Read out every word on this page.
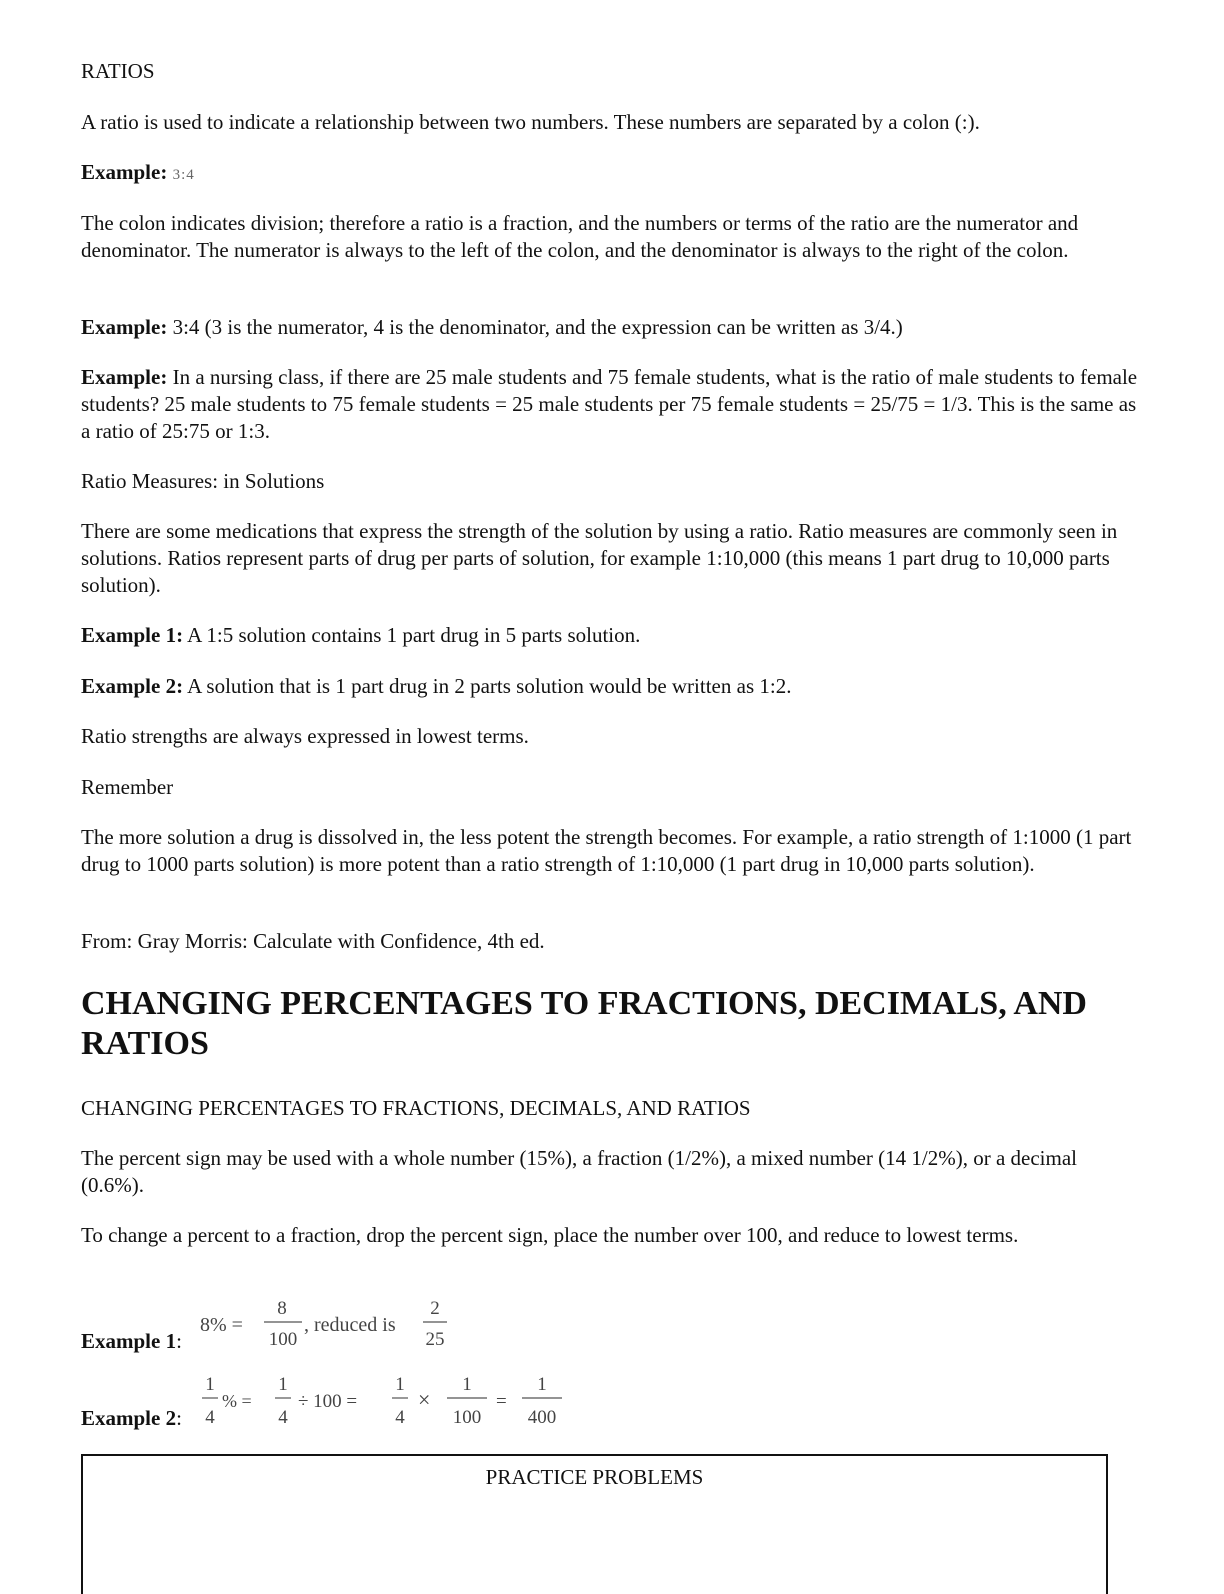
RATIOS

A ratio is used to indicate a relationship between two numbers. These numbers are separated by a colon (:).

Example: 3:4

The colon indicates division; therefore a ratio is a fraction, and the numbers or terms of the ratio are the numerator and denominator. The numerator is always to the left of the colon, and the denominator is always to the right of the colon.

Example: 3:4 (3 is the numerator, 4 is the denominator, and the expression can be written as 3/4.)

Example: In a nursing class, if there are 25 male students and 75 female students, what is the ratio of male students to female students? 25 male students to 75 female students = 25 male students per 75 female students = 25/75 = 1/3. This is the same as a ratio of 25:75 or 1:3.

Ratio Measures: in Solutions

There are some medications that express the strength of the solution by using a ratio. Ratio measures are commonly seen in solutions. Ratios represent parts of drug per parts of solution, for example 1:10,000 (this means 1 part drug to 10,000 parts solution).

Example 1: A 1:5 solution contains 1 part drug in 5 parts solution.

Example 2: A solution that is 1 part drug in 2 parts solution would be written as 1:2.

Ratio strengths are always expressed in lowest terms.

Remember

The more solution a drug is dissolved in, the less potent the strength becomes. For example, a ratio strength of 1:1000 (1 part drug to 1000 parts solution) is more potent than a ratio strength of 1:10,000 (1 part drug in 10,000 parts solution).

From: Gray Morris: Calculate with Confidence, 4th ed.

CHANGING PERCENTAGES TO FRACTIONS, DECIMALS, AND RATIOS

CHANGING PERCENTAGES TO FRACTIONS, DECIMALS, AND RATIOS

The percent sign may be used with a whole number (15%), a fraction (1/2%), a mixed number (14 1/2%), or a decimal (0.6%).

To change a percent to a fraction, drop the percent sign, place the number over 100, and reduce to lowest terms.

Example 1:

8% =
8
100
, reduced is
2
25

Example 2:

1
4
% =
1
4
÷ 100 =
1
4
×
1
100
=
1
400
PRACTICE PROBLEMS
